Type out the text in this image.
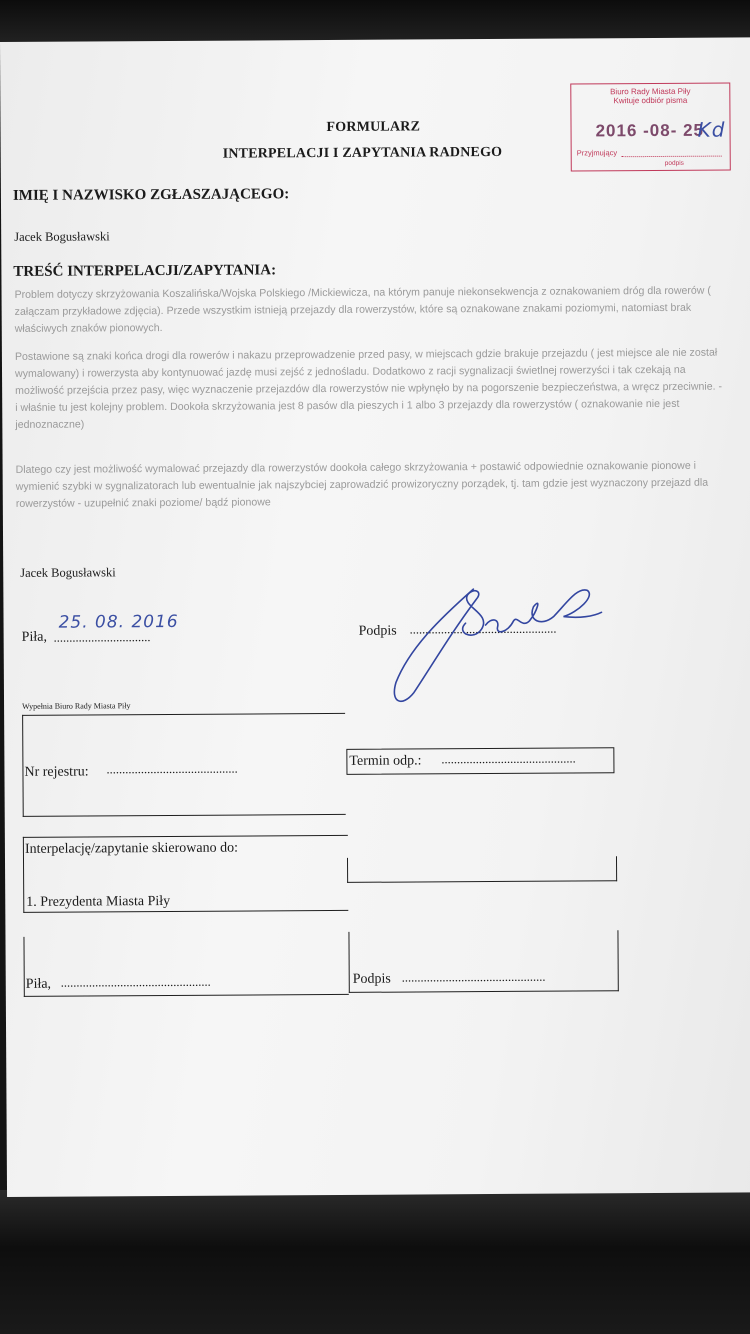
FORMULARZ
INTERPELACJI I ZAPYTANIA RADNEGO
Biuro Rady Miasta Piły
Kwituje odbiór pisma
2016 -08- 25
Przyjmujący
podpis
Kd
IMIĘ I NAZWISKO ZGŁASZAJĄCEGO:
Jacek Bogusławski
TREŚĆ INTERPELACJI/ZAPYTANIA:
Problem dotyczy skrzyżowania Koszalińska/Wojska Polskiego /Mickiewicza, na którym panuje niekonsekwencja z oznakowaniem dróg dla rowerów ( załączam przykładowe zdjęcia). Przede wszystkim istnieją przejazdy dla rowerzystów, które są oznakowane znakami poziomymi, natomiast brak właściwych znaków pionowych.
Postawione są znaki końca drogi dla rowerów i nakazu przeprowadzenie przed pasy, w miejscach gdzie brakuje przejazdu ( jest miejsce ale nie został wymalowany) i rowerzysta aby kontynuować jazdę musi zejść z jednośladu. Dodatkowo z racji sygnalizacji świetlnej rowerzyści i tak czekają na możliwość przejścia przez pasy, więc wyznaczenie przejazdów dla rowerzystów nie wpłynęło by na pogorszenie bezpieczeństwa, a wręcz przeciwnie. - i właśnie tu jest kolejny problem. Dookoła skrzyżowania jest 8 pasów dla pieszych i 1 albo 3 przejazdy dla rowerzystów ( oznakowanie nie jest jednoznaczne)
Dlatego czy jest możliwość wymalować przejazdy dla rowerzystów dookoła całego skrzyżowania + postawić odpowiednie oznakowanie pionowe i wymienić szybki w sygnalizatorach lub ewentualnie jak najszybciej zaprowadzić prowizoryczny porządek, tj. tam gdzie jest wyznaczony przejazd dla rowerzystów - uzupełnić znaki poziome/ bądź pionowe
Jacek Bogusławski
Piła, ...............................
25. 08. 2016	Podpis ...............................................
Wypełnia Biuro Rady Miasta Piły
Nr rejestru: ..........................................
Termin odp.: ...........................................
Interpelację/zapytanie skierowano do:
1. Prezydenta Miasta Piły
Piła, ................................................	Podpis ..............................................
